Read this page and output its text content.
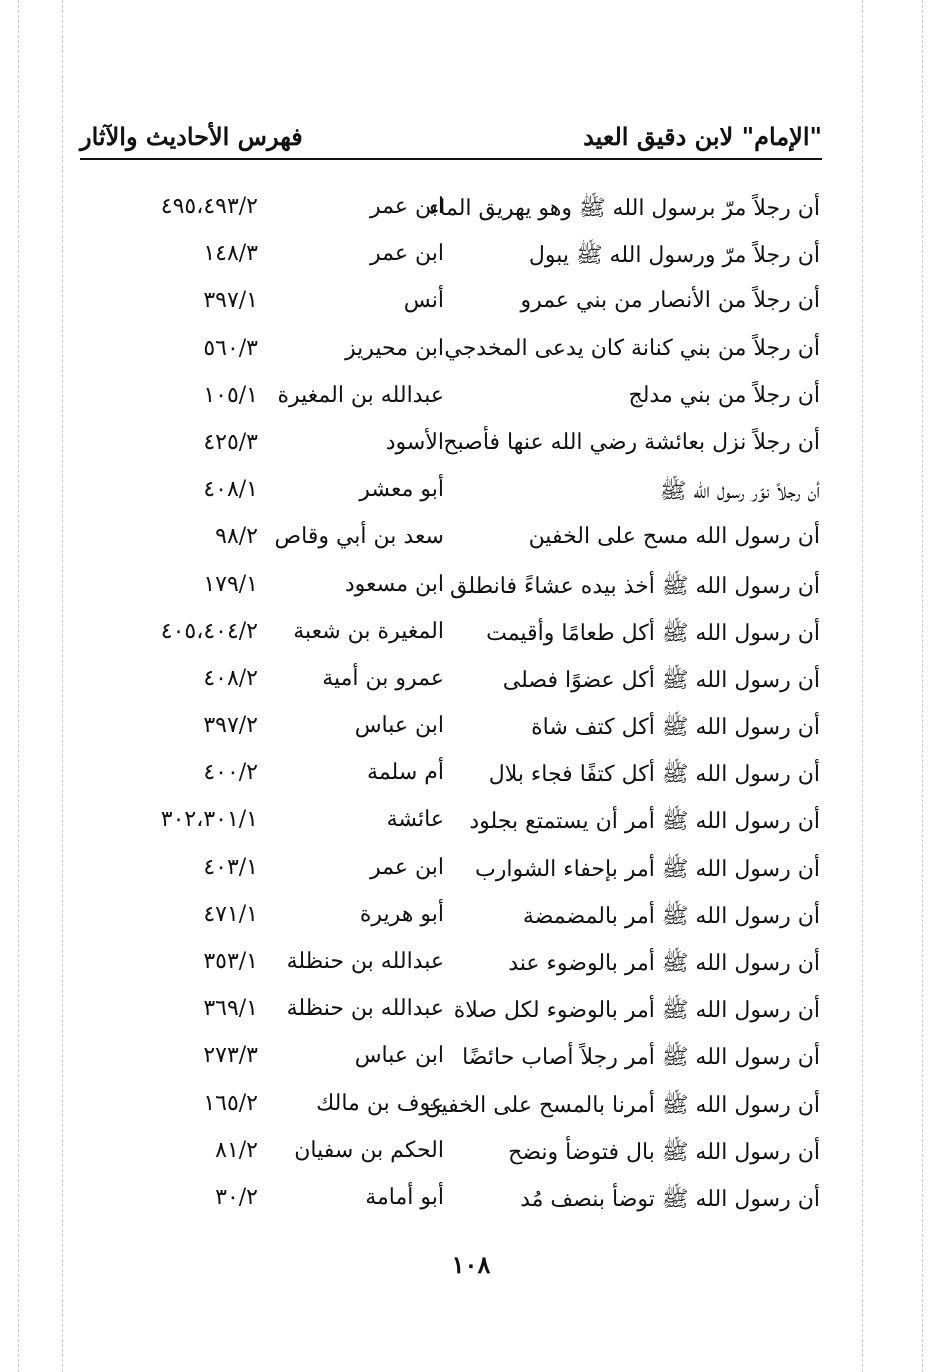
"الإمام" لابن دقيق العيد
فهرس الأحاديث والآثار
أن رجلاً مرّ برسول الله ﷺ وهو يهريق الماء
ابن عمر
٤٩٥،٤٩٣/٢
أن رجلاً مرّ ورسول الله ﷺ يبول
ابن عمر
١٤٨/٣
أن رجلاً من الأنصار من بني عمرو
أنس
٣٩٧/١
أن رجلاً من بني كنانة كان يدعى المخدجي
ابن محيريز
٥٦٠/٣
أن رجلاً من بني مدلج
عبدالله بن المغيرة
١٠٥/١
أن رجلاً نزل بعائشة رضي الله عنها فأصبح
الأسود
٤٢٥/٣
أن رجلاً نوّر رسول الله ﷺ
أبو معشر
٤٠٨/١
أن رسول الله مسح على الخفين
سعد بن أبي وقاص
٩٨/٢
أن رسول الله ﷺ أخذ بيده عشاءً فانطلق
ابن مسعود
١٧٩/١
أن رسول الله ﷺ أكل طعامًا وأقيمت
المغيرة بن شعبة
٤٠٥،٤٠٤/٢
أن رسول الله ﷺ أكل عضوًا فصلى
عمرو بن أمية
٤٠٨/٢
أن رسول الله ﷺ أكل كتف شاة
ابن عباس
٣٩٧/٢
أن رسول الله ﷺ أكل كتفًا فجاء بلال
أم سلمة
٤٠٠/٢
أن رسول الله ﷺ أمر أن يستمتع بجلود
عائشة
٣٠٢،٣٠١/١
أن رسول الله ﷺ أمر بإحفاء الشوارب
ابن عمر
٤٠٣/١
أن رسول الله ﷺ أمر بالمضمضة
أبو هريرة
٤٧١/١
أن رسول الله ﷺ أمر بالوضوء عند
عبدالله بن حنظلة
٣٥٣/١
أن رسول الله ﷺ أمر بالوضوء لكل صلاة
عبدالله بن حنظلة
٣٦٩/١
أن رسول الله ﷺ أمر رجلاً أصاب حائضًا
ابن عباس
٢٧٣/٣
أن رسول الله ﷺ أمرنا بالمسح على الخفين
عوف بن مالك
١٦٥/٢
أن رسول الله ﷺ بال فتوضأ ونضح
الحكم بن سفيان
٨١/٢
أن رسول الله ﷺ توضأ بنصف مُد
أبو أمامة
٣٠/٢
١٠٨
